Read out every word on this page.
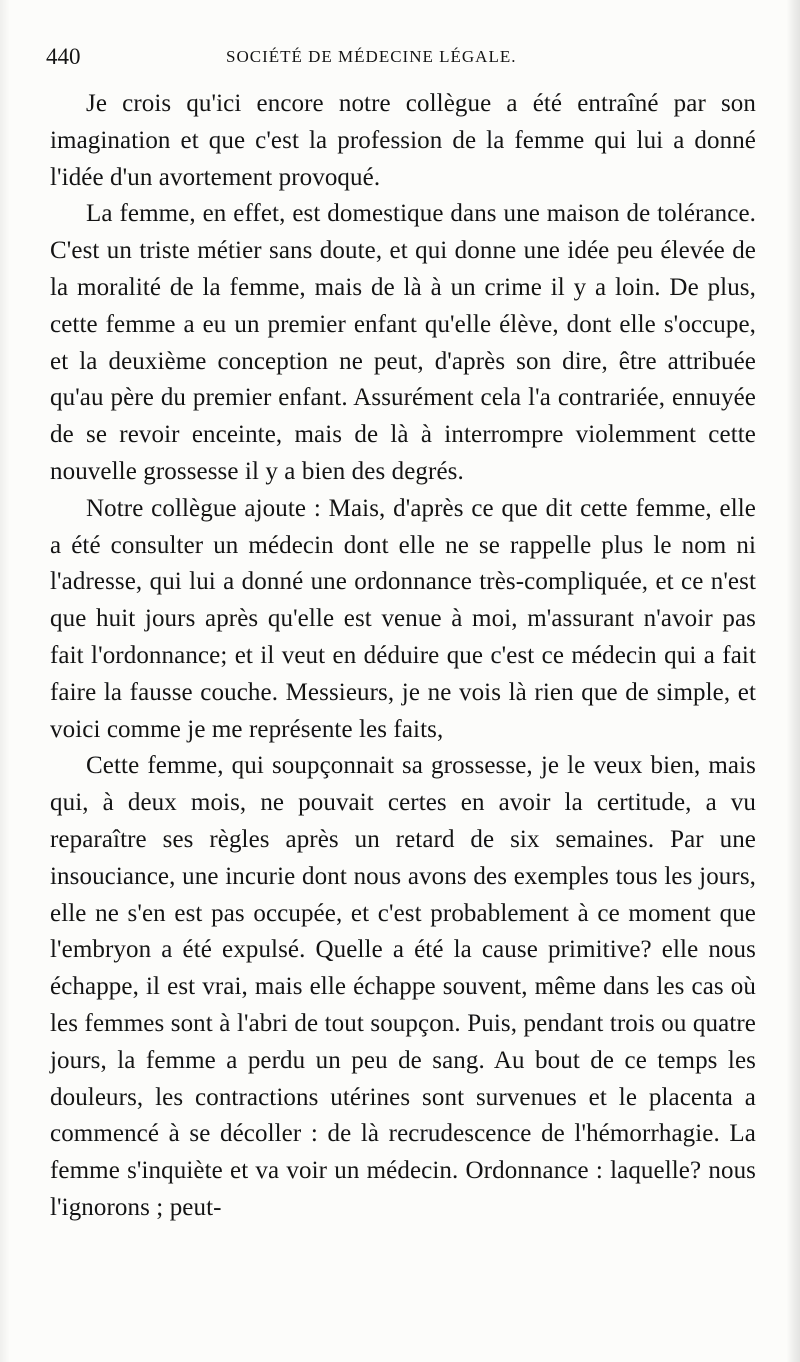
440	SOCIÉTÉ DE MÉDECINE LÉGALE.

Je crois qu'ici encore notre collègue a été entraîné par son imagination et que c'est la profession de la femme qui lui a donné l'idée d'un avortement provoqué.

La femme, en effet, est domestique dans une maison de tolérance. C'est un triste métier sans doute, et qui donne une idée peu élevée de la moralité de la femme, mais de là à un crime il y a loin. De plus, cette femme a eu un premier enfant qu'elle élève, dont elle s'occupe, et la deuxième conception ne peut, d'après son dire, être attribuée qu'au père du premier enfant. Assurément cela l'a contrariée, ennuyée de se revoir enceinte, mais de là à interrompre violemment cette nouvelle grossesse il y a bien des degrés.

Notre collègue ajoute : Mais, d'après ce que dit cette femme, elle a été consulter un médecin dont elle ne se rappelle plus le nom ni l'adresse, qui lui a donné une ordonnance très-compliquée, et ce n'est que huit jours après qu'elle est venue à moi, m'assurant n'avoir pas fait l'ordonnance; et il veut en déduire que c'est ce médecin qui a fait faire la fausse couche. Messieurs, je ne vois là rien que de simple, et voici comme je me représente les faits,

Cette femme, qui soupçonnait sa grossesse, je le veux bien, mais qui, à deux mois, ne pouvait certes en avoir la certitude, a vu reparaître ses règles après un retard de six semaines. Par une insouciance, une incurie dont nous avons des exemples tous les jours, elle ne s'en est pas occupée, et c'est probablement à ce moment que l'embryon a été expulsé. Quelle a été la cause primitive? elle nous échappe, il est vrai, mais elle échappe souvent, même dans les cas où les femmes sont à l'abri de tout soupçon. Puis, pendant trois ou quatre jours, la femme a perdu un peu de sang. Au bout de ce temps les douleurs, les contractions utérines sont survenues et le placenta a commencé à se décoller : de là recrudescence de l'hémorrhagie. La femme s'inquiète et va voir un médecin. Ordonnance : laquelle? nous l'ignorons ; peut-
